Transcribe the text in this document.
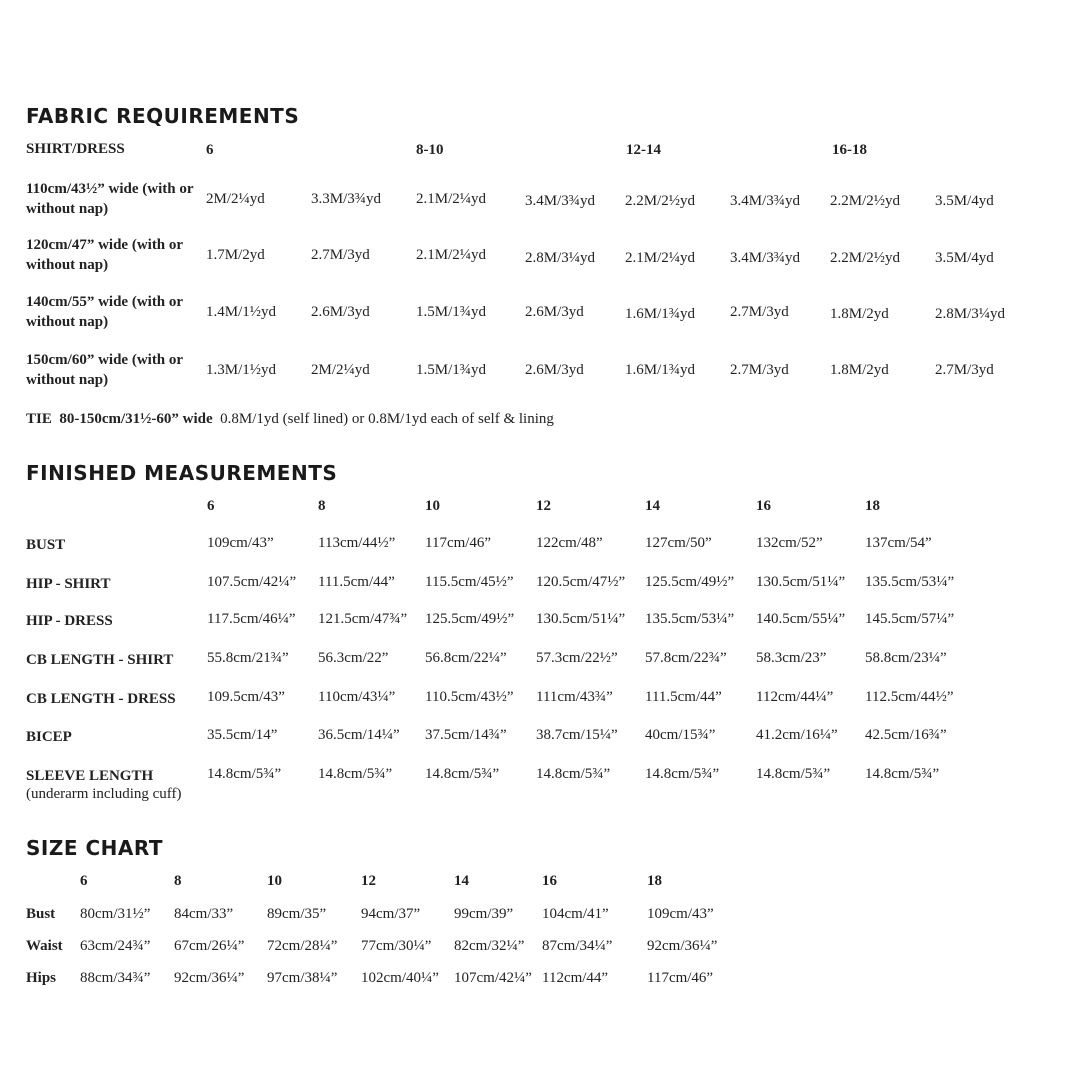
FABRIC REQUIREMENTS
SHIRT/DRESS	6	8-10	12-14	16-18
110cm/43½” wide (with or without nap)
2M/2¼yd	3.3M/3¾yd 2.1M/2¼yd	3.4M/3¾yd 2.2M/2½yd 3.4M/3¾yd 2.2M/2½yd 3.5M/4yd
120cm/47” wide (with or without nap)
1.7M/2yd	2.7M/3yd	2.1M/2¼yd	2.8M/3¼yd 2.1M/2¼yd 3.4M/3¾yd 2.2M/2½yd 3.5M/4yd
140cm/55” wide (with or without nap)
1.4M/1½yd 2.6M/3yd	1.5M/1¾yd	2.6M/3yd	1.6M/1¾yd 2.7M/3yd	1.8M/2yd	2.8M/3¼yd
150cm/60” wide (with or without nap)
1.3M/1½yd 2M/2¼yd	1.5M/1¾yd	2.6M/3yd	1.6M/1¾yd 2.7M/3yd	1.8M/2yd	2.7M/3yd
TIE 80-150cm/31½-60” wide 0.8M/1yd (self lined) or 0.8M/1yd each of self & lining
FINISHED MEASUREMENTS
6	8	10	12	14	16	18
BUST	109cm/43”	113cm/44½” 117cm/46”	122cm/48”	127cm/50”	132cm/52”	137cm/54”
HIP - SHIRT	107.5cm/42¼” 111.5cm/44” 115.5cm/45½” 120.5cm/47½” 125.5cm/49½” 130.5cm/51¼” 135.5cm/53¼”
HIP - DRESS	117.5cm/46¼” 121.5cm/47¾” 125.5cm/49½” 130.5cm/51¼” 135.5cm/53¼” 140.5cm/55¼” 145.5cm/57¼”
CB LENGTH - SHIRT 55.8cm/21¾” 56.3cm/22” 56.8cm/22¼” 57.3cm/22½” 57.8cm/22¾” 58.3cm/23”	58.8cm/23¼”
CB LENGTH - DRESS 109.5cm/43” 110cm/43¼” 110.5cm/43½” 111cm/43¾” 111.5cm/44” 112cm/44¼” 112.5cm/44½”
BICEP	35.5cm/14”	36.5cm/14¼” 37.5cm/14¾” 38.7cm/15¼” 40cm/15¾”	41.2cm/16¼” 42.5cm/16¾”
SLEEVE LENGTH
(underarm including cuff)
14.8cm/5¾” 14.8cm/5¾” 14.8cm/5¾” 14.8cm/5¾” 14.8cm/5¾” 14.8cm/5¾” 14.8cm/5¾”
SIZE CHART
6	8	10	12	14	16	18
Bust 80cm/31½” 84cm/33” 89cm/35” 94cm/37” 99cm/39” 104cm/41”	109cm/43”
Waist 63cm/24¾” 67cm/26¼” 72cm/28¼” 77cm/30¼” 82cm/32¼” 87cm/34¼” 92cm/36¼”
Hips 88cm/34¾” 92cm/36¼” 97cm/38¼” 102cm/40¼” 107cm/42¼” 112cm/44”	117cm/46”
